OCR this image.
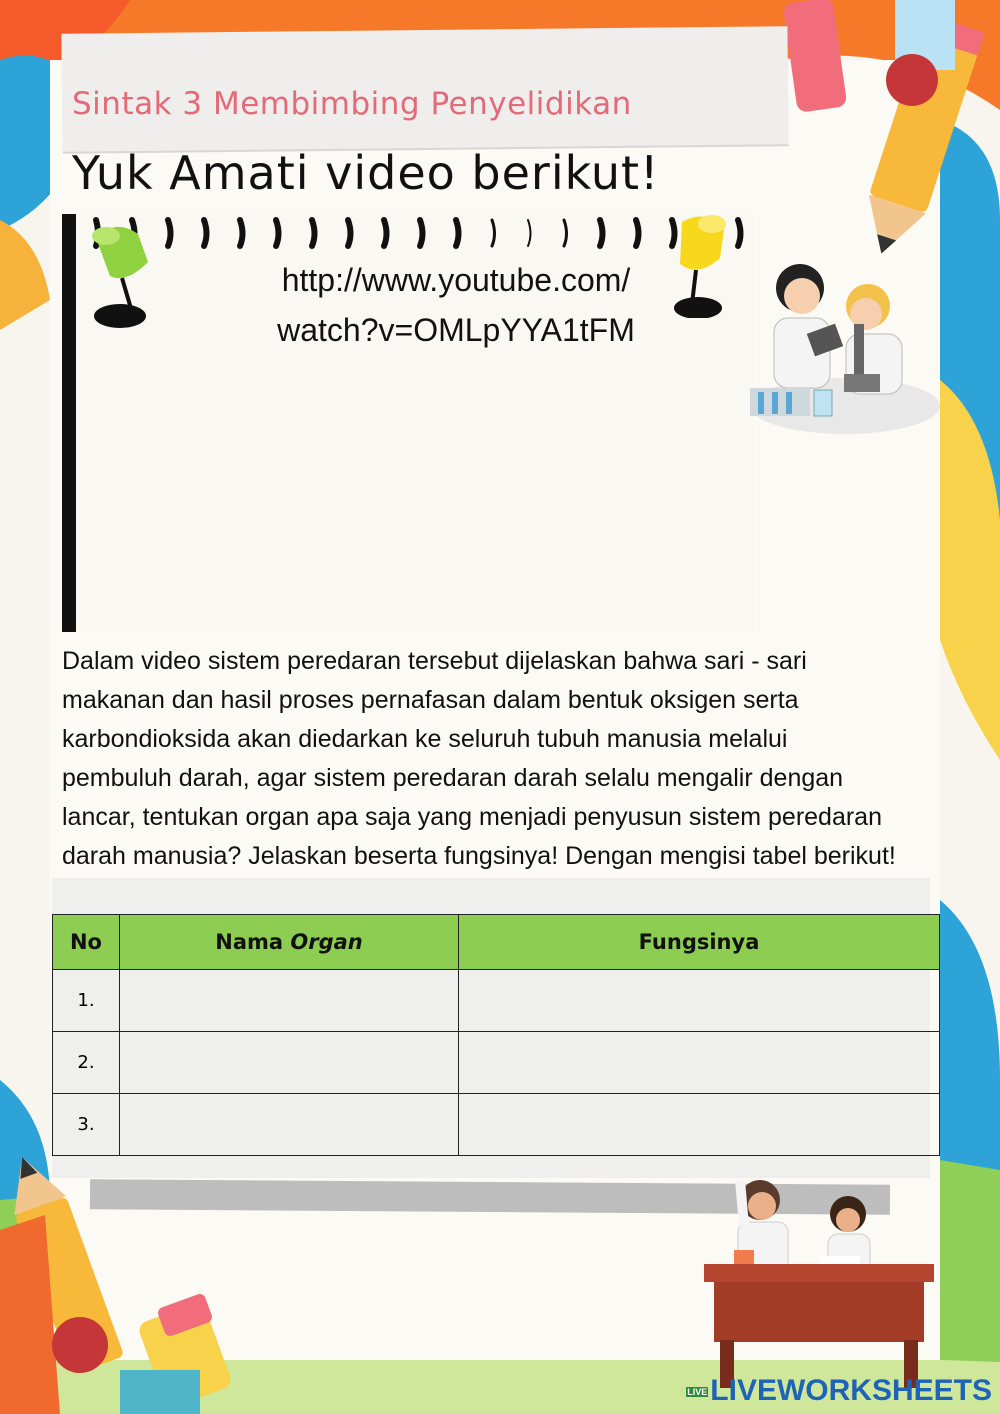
Sintak 3 Membimbing Penyelidikan
Yuk Amati video berikut!
http://www.youtube.com/
watch?v=OMLpYYA1tFM
Dalam video sistem peredaran tersebut dijelaskan bahwa sari - sari makanan dan hasil proses pernafasan dalam bentuk oksigen serta karbondioksida akan diedarkan ke seluruh tubuh manusia melalui pembuluh darah, agar sistem peredaran darah selalu mengalir dengan lancar, tentukan organ apa saja yang menjadi penyusun sistem peredaran darah manusia? Jelaskan beserta fungsinya! Dengan mengisi tabel berikut!
No	Nama Organ	Fungsinya
1.		
2.		
3.		
LIVE LIVEWORKSHEETS
